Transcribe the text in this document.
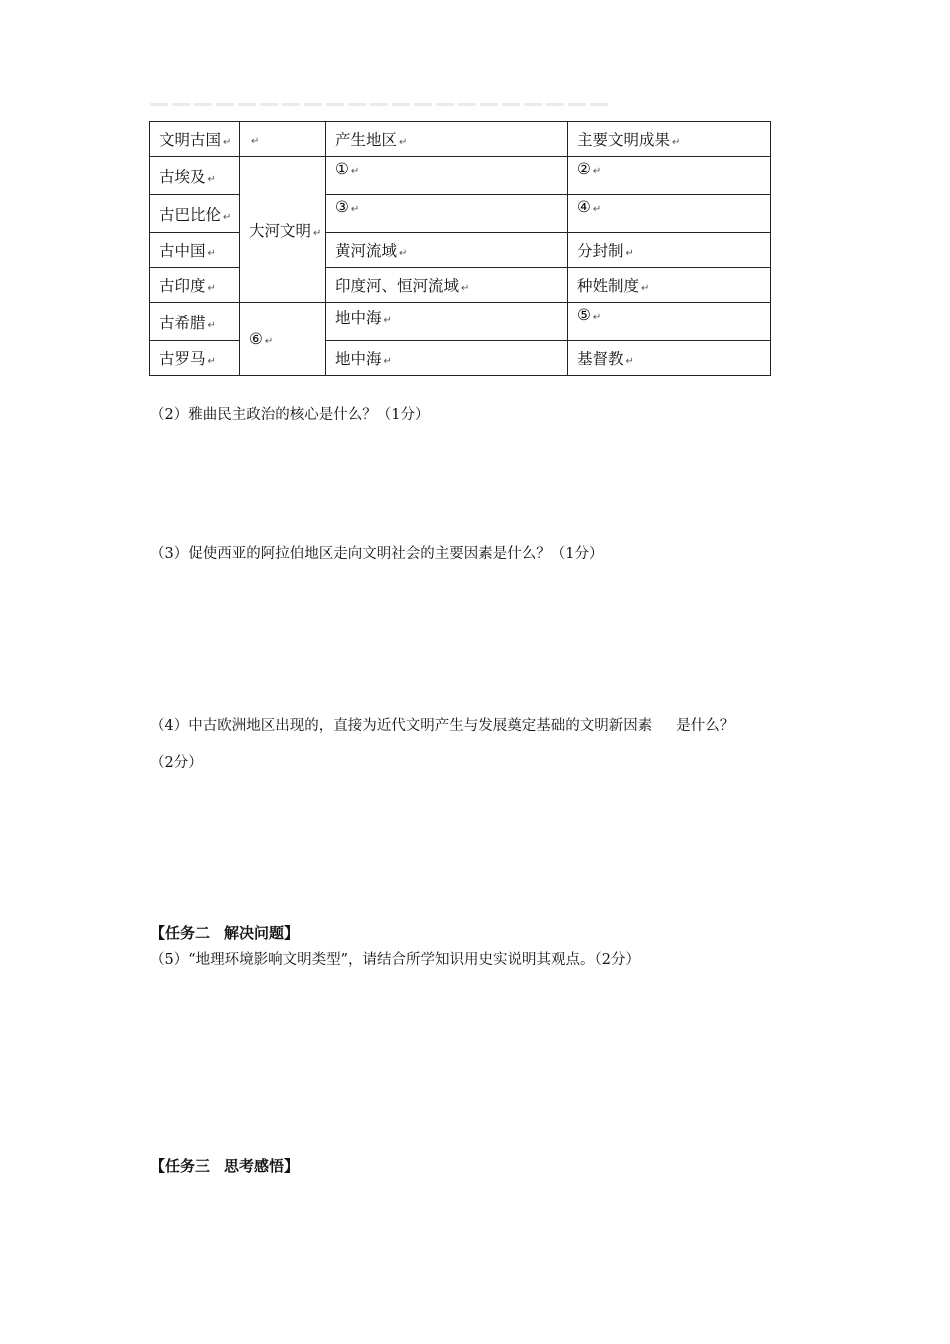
文明古国 ↵	↵	产生地区 ↵	主要文明成果 ↵
古埃及 ↵	大河文明 ↵	① ↵	② ↵
古巴比伦 ↵		③ ↵	④ ↵
古中国 ↵		黄河流域 ↵	分封制 ↵
古印度 ↵		印度河、恒河流域 ↵	种姓制度 ↵
古希腊 ↵	⑥ ↵	地中海 ↵	⑤ ↵
古罗马 ↵		地中海 ↵	基督教 ↵
（2）雅曲民主政治的核心是什么？（1分）
（3）促使西亚的阿拉伯地区走向文明社会的主要因素是什么？（1分）
（4）中古欧洲地区出现的，直接为近代文明产生与发展奠定基础的文明新因素 是什么？
（2分）
【任务二 解决问题】
（5）“地理环境影响文明类型”，请结合所学知识用史实说明其观点。（2分）
【任务三 思考感悟】
